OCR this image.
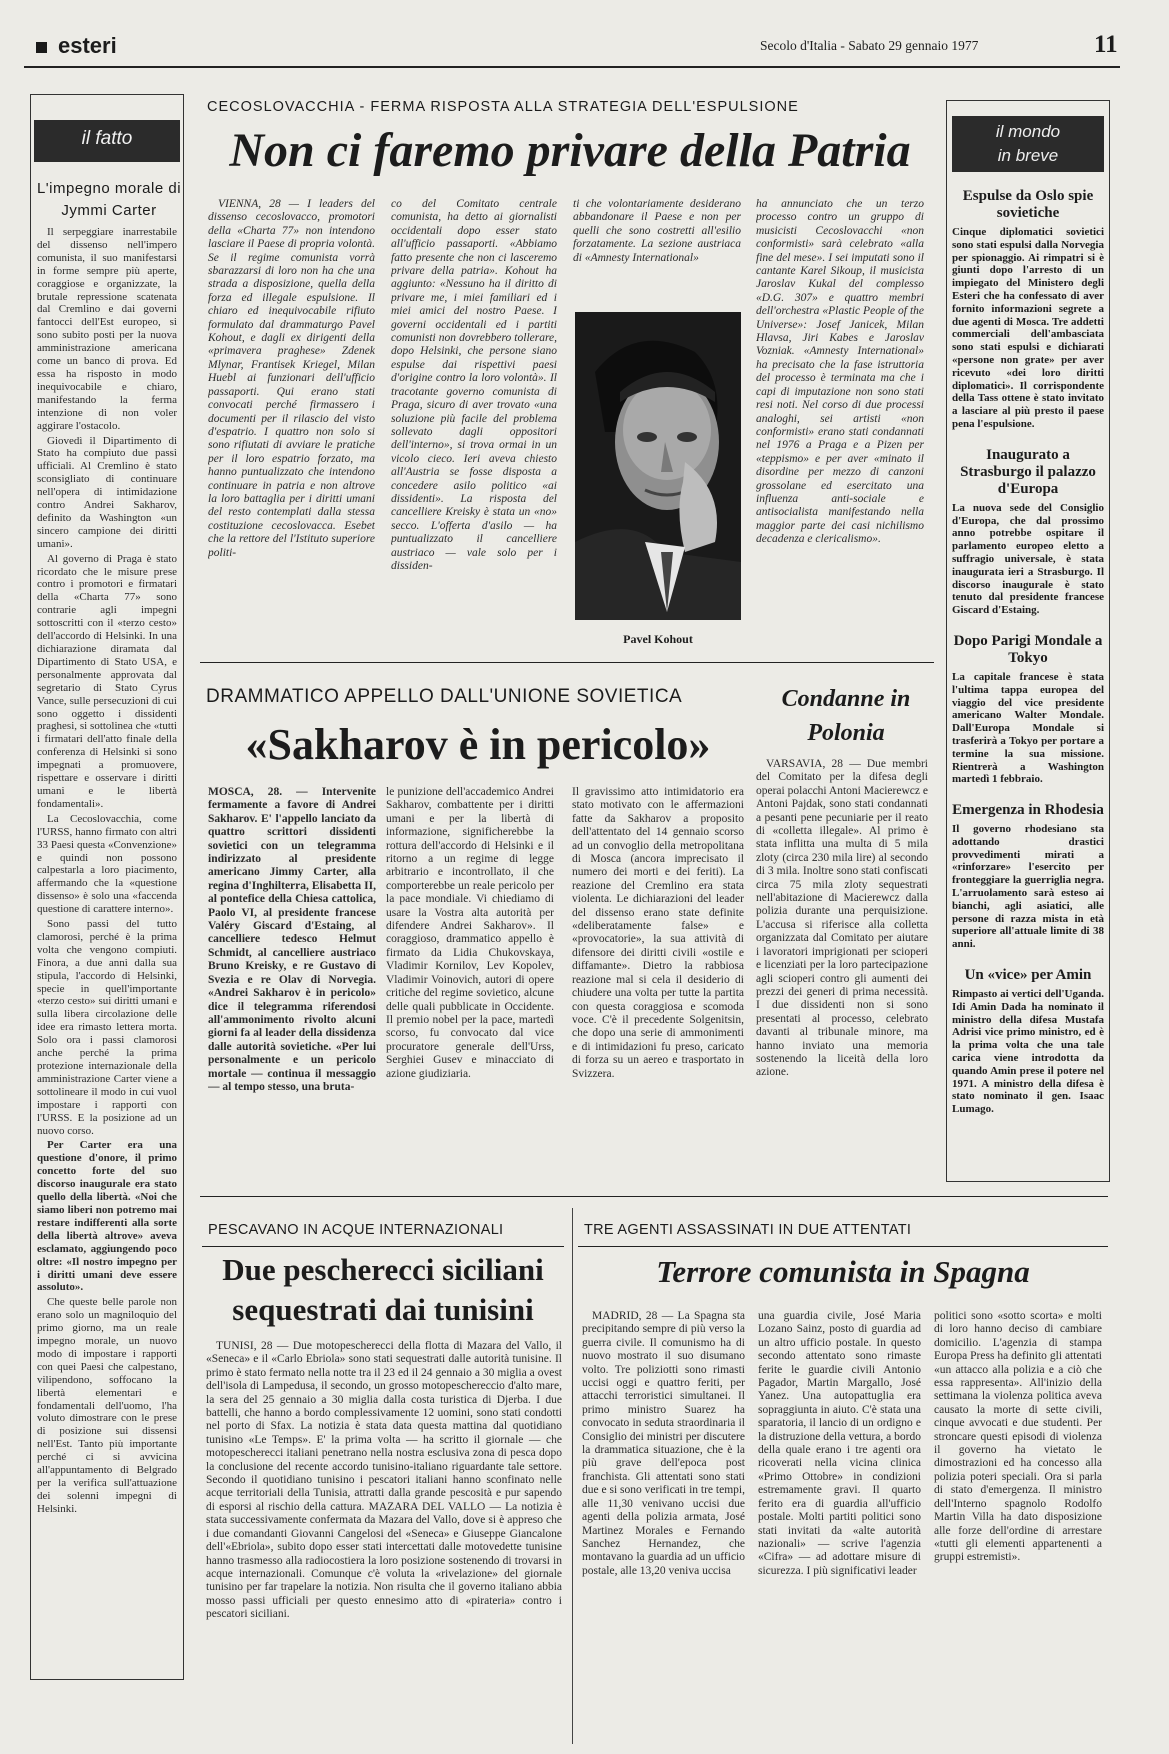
esteri	Secolo d'Italia - Sabato 29 gennaio 1977	11
il fatto
L'impegno morale di Jymmi Carter

Il serpeggiare inarrestabile del dissenso nell'impero comunista, il suo manifestarsi in forme sempre più aperte, coraggiose e organizzate, la brutale repressione scatenata dal Cremlino e dai governi fantocci dell'Est europeo, si sono subito posti per la nuova amministrazione americana come un banco di prova. Ed essa ha risposto in modo inequivocabile e chiaro, manifestando la ferma intenzione di non voler aggirare l'ostacolo.

Giovedì il Dipartimento di Stato ha compiuto due passi ufficiali. Al Cremlino è stato sconsigliato di continuare nell'opera di intimidazione contro Andrei Sakharov, definito da Washington «un sincero campione dei diritti umani».

Al governo di Praga è stato ricordato che le misure prese contro i promotori e firmatari della «Charta 77» sono contrarie agli impegni sottoscritti con il «terzo cesto» dell'accordo di Helsinki. In una dichiarazione diramata dal Dipartimento di Stato USA, e personalmente approvata dal segretario di Stato Cyrus Vance, sulle persecuzioni di cui sono oggetto i dissidenti praghesi, si sottolinea che «tutti i firmatari dell'atto finale della conferenza di Helsinki si sono impegnati a promuovere, rispettare e osservare i diritti umani e le libertà fondamentali».

La Cecoslovacchia, come l'URSS, hanno firmato con altri 33 Paesi questa «Convenzione» e quindi non possono calpestarla a loro piacimento, affermando che la «questione dissenso» è solo una «faccenda questione di carattere interno».

Sono passi del tutto clamorosi, perché è la prima volta che vengono compiuti. Finora, a due anni dalla sua stipula, l'accordo di Helsinki, specie in quell'importante «terzo cesto» sui diritti umani e sulla libera circolazione delle idee era rimasto lettera morta. Solo ora i passi clamorosi anche perché la prima protezione internazionale della amministrazione Carter viene a sottolineare il modo in cui vuol impostare i rapporti con l'URSS. E la posizione ad un nuovo corso.

Per Carter era una questione d'onore, il primo concetto forte del suo discorso inaugurale era stato quello della libertà. «Noi che siamo liberi non potremo mai restare indifferenti alla sorte della libertà altrove» aveva esclamato, aggiungendo poco oltre: «Il nostro impegno per i diritti umani deve essere assoluto».

Che queste belle parole non erano solo un magniloquio del primo giorno, ma un reale impegno morale, un nuovo modo di impostare i rapporti con quei Paesi che calpestano, vilipendono, soffocano la libertà elementari e fondamentali dell'uomo, l'ha voluto dimostrare con le prese di posizione sui dissensi nell'Est. Tanto più importante perché ci si avvicina all'appuntamento di Belgrado per la verifica sull'attuazione dei solenni impegni di Helsinki.

CECOSLOVACCHIA - FERMA RISPOSTA ALLA STRATEGIA DELL'ESPULSIONE
Non ci faremo privare della Patria
VIENNA, 28 — I leaders del dissenso cecoslovacco, promotori della «Charta 77» non intendono lasciare il Paese di propria volontà. Se il regime comunista vorrà sbarazzarsi di loro non ha che una strada a disposizione, quella della forza ed illegale espulsione. Il chiaro ed inequivocabile rifiuto formulato dal drammaturgo Pavel Kohout, e dagli ex dirigenti della «primavera praghese» Zdenek Mlynar, Frantisek Kriegel, Milan Huebl ai funzionari dell'ufficio passaporti. Qui erano stati convocati perché firmassero i documenti per il rilascio del visto d'espatrio. I quattro non solo si sono rifiutati di avviare le pratiche per il loro espatrio forzato, ma hanno puntualizzato che intendono continuare in patria e non altrove la loro battaglia per i diritti umani del resto contemplati dalla stessa costituzione cecoslovacca. Esebet che la rettore del l'Istituto superiore politi-
co del Comitato centrale comunista, ha detto ai giornalisti occidentali dopo esser stato all'ufficio passaporti. «Abbiamo fatto presente che non ci lasceremo privare della patria». Kohout ha aggiunto: «Nessuno ha il diritto di privare me, i miei familiari ed i miei amici del nostro Paese. I governi occidentali ed i partiti comunisti non dovrebbero tollerare, dopo Helsinki, che persone siano espulse dai rispettivi paesi d'origine contro la loro volontà». Il tracotante governo comunista di Praga, sicuro di aver trovato «una soluzione più facile del problema sollevato dagli oppositori dell'interno», si trova ormai in un vicolo cieco. Ieri aveva chiesto all'Austria se fosse disposta a concedere asilo politico «ai dissidenti». La risposta del cancelliere Kreisky è stata un «no» secco. L'offerta d'asilo — ha puntualizzato il cancelliere austriaco — vale solo per i dissiden-
ti che volontariamente desiderano abbandonare il Paese e non per quelli che sono costretti all'esilio forzatamente. La sezione austriaca di «Amnesty International»
ha annunciato che un terzo processo contro un gruppo di musicisti Cecoslovacchi «non conformisti» sarà celebrato «alla fine del mese». I sei imputati sono il cantante Karel Sikoup, il musicista Jaroslav Kukal del complesso «D.G. 307» e quattro membri dell'orchestra «Plastic People of the Universe»: Josef Janicek, Milan Hlavsa, Jiri Kabes e Jaroslav Vozniak. «Amnesty International» ha precisato che la fase istruttoria del processo è terminata ma che i capi di imputazione non sono stati resi noti. Nel corso di due processi analoghi, sei artisti «non conformisti» erano stati condannati nel 1976 a Praga e a Pizen per «teppismo» e per aver «minato il disordine per mezzo di canzoni grossolane ed esercitato una influenza anti-sociale e antisocialista manifestando nella maggior parte dei casi nichilismo decadenza e clericalismo».
Pavel Kohout
il mondo
in breve
Espulse da Oslo spie sovietiche

Cinque diplomatici sovietici sono stati espulsi dalla Norvegia per spionaggio. Ai rimpatri si è giunti dopo l'arresto di un impiegato del Ministero degli Esteri che ha confessato di aver fornito informazioni segrete a due agenti di Mosca. Tre addetti commerciali dell'ambasciata sono stati espulsi e dichiarati «persone non grate» per aver ricevuto «dei loro diritti diplomatici». Il corrispondente della Tass ottene è stato invitato a lasciare al più presto il paese pena l'espulsione.

Inaugurato a Strasburgo il palazzo d'Europa

La nuova sede del Consiglio d'Europa, che dal prossimo anno potrebbe ospitare il parlamento europeo eletto a suffragio universale, è stata inaugurata ieri a Strasburgo. Il discorso inaugurale è stato tenuto dal presidente francese Giscard d'Estaing.

Dopo Parigi Mondale a Tokyo

La capitale francese è stata l'ultima tappa europea del viaggio del vice presidente americano Walter Mondale. Dall'Europa Mondale si trasferirà a Tokyo per portare a termine la sua missione. Rientrerà a Washington martedì 1 febbraio.

Emergenza in Rhodesia

Il governo rhodesiano sta adottando drastici provvedimenti mirati a «rinforzare» l'esercito per fronteggiare la guerriglia negra. L'arruolamento sarà esteso ai bianchi, agli asiatici, alle persone di razza mista in età superiore all'attuale limite di 38 anni.

Un «vice» per Amin

Rimpasto ai vertici dell'Uganda. Idi Amin Dada ha nominato il ministro della difesa Mustafa Adrisi vice primo ministro, ed è la prima volta che una tale carica viene introdotta da quando Amin prese il potere nel 1971. A ministro della difesa è stato nominato il gen. Isaac Lumago.

DRAMMATICO APPELLO DALL'UNIONE SOVIETICA
«Sakharov è in pericolo»
MOSCA, 28. — Intervenite fermamente a favore di Andrei Sakharov. E' l'appello lanciato da quattro scrittori dissidenti sovietici con un telegramma indirizzato al presidente americano Jimmy Carter, alla regina d'Inghilterra, Elisabetta II, al pontefice della Chiesa cattolica, Paolo VI, al presidente francese Valéry Giscard d'Estaing, al cancelliere tedesco Helmut Schmidt, al cancelliere austriaco Bruno Kreisky, e re Gustavo di Svezia e re Olav di Norvegia. «Andrei Sakharov è in pericolo» dice il telegramma riferendosi all'ammonimento rivolto alcuni giorni fa al leader della dissidenza dalle autorità sovietiche. «Per lui personalmente e un pericolo mortale — continua il messaggio — al tempo stesso, una bruta-
le punizione dell'accademico Andrei Sakharov, combattente per i diritti umani e per la libertà di informazione, significherebbe la rottura dell'accordo di Helsinki e il ritorno a un regime di legge arbitrario e incontrollato, il che comporterebbe un reale pericolo per la pace mondiale. Vi chiediamo di usare la Vostra alta autorità per difendere Andrei Sakharov». Il coraggioso, drammatico appello è firmato da Lidia Chukovskaya, Vladimir Kornilov, Lev Kopolev, Vladimir Voinovich, autori di opere critiche del regime sovietico, alcune delle quali pubblicate in Occidente. Il premio nobel per la pace, martedì scorso, fu convocato dal vice procuratore generale dell'Urss, Serghiei Gusev e minacciato di azione giudiziaria.
Il gravissimo atto intimidatorio era stato motivato con le affermazioni fatte da Sakharov a proposito dell'attentato del 14 gennaio scorso ad un convoglio della metropolitana di Mosca (ancora imprecisato il numero dei morti e dei feriti). La reazione del Cremlino era stata violenta. Le dichiarazioni del leader del dissenso erano state definite «deliberatamente false» e «provocatorie», la sua attività di difensore dei diritti civili «ostile e diffamante». Dietro la rabbiosa reazione mal si cela il desiderio di chiudere una volta per tutte la partita con questa coraggiosa e scomoda voce. C'è il precedente Solgenitsin, che dopo una serie di ammonimenti e di intimidazioni fu preso, caricato di forza su un aereo e trasportato in Svizzera.
Condanne in Polonia
VARSAVIA, 28 — Due membri del Comitato per la difesa degli operai polacchi Antoni Macierewcz e Antoni Pajdak, sono stati condannati a pesanti pene pecuniarie per il reato di «colletta illegale». Al primo è stata inflitta una multa di 5 mila zloty (circa 230 mila lire) al secondo di 3 mila. Inoltre sono stati confiscati circa 75 mila zloty sequestrati nell'abitazione di Macierewcz dalla polizia durante una perquisizione. L'accusa si riferisce alla colletta organizzata dal Comitato per aiutare i lavoratori imprigionati per scioperi e licenziati per la loro partecipazione agli scioperi contro gli aumenti dei prezzi dei generi di prima necessità. I due dissidenti non si sono presentati al processo, celebrato davanti al tribunale minore, ma hanno inviato una memoria sostenendo la liceità della loro azione.
PESCAVANO IN ACQUE INTERNAZIONALI
Due pescherecci siciliani
sequestrati dai tunisini
TUNISI, 28 — Due motopescherecci della flotta di Mazara del Vallo, il «Seneca» e il «Carlo Ebriola» sono stati sequestrati dalle autorità tunisine. Il primo è stato fermato nella notte tra il 23 ed il 24 gennaio a 30 miglia a ovest dell'isola di Lampedusa, il secondo, un grosso motopeschereccio d'alto mare, la sera del 25 gennaio a 30 miglia dalla costa turistica di Djerba. I due battelli, che hanno a bordo complessivamente 12 uomini, sono stati condotti nel porto di Sfax. La notizia è stata data questa mattina dal quotidiano tunisino «Le Temps». E' la prima volta — ha scritto il giornale — che motopescherecci italiani penetrano nella nostra esclusiva zona di pesca dopo la conclusione del recente accordo tunisino-italiano riguardante tale settore. Secondo il quotidiano tunisino i pescatori italiani hanno sconfinato nelle acque territoriali della Tunisia, attratti dalla grande pescosità e pur sapendo di esporsi al rischio della cattura. MAZARA DEL VALLO — La notizia è stata successivamente confermata da Mazara del Vallo, dove si è appreso che i due comandanti Giovanni Cangelosi del «Seneca» e Giuseppe Giancalone dell'«Ebriola», subito dopo esser stati intercettati dalle motovedette tunisine hanno trasmesso alla radiocostiera la loro posizione sostenendo di trovarsi in acque internazionali. Comunque c'è voluta la «rivelazione» del giornale tunisino per far trapelare la notizia. Non risulta che il governo italiano abbia mosso passi ufficiali per questo ennesimo atto di «pirateria» contro i pescatori siciliani.
TRE AGENTI ASSASSINATI IN DUE ATTENTATI
Terrore comunista in Spagna
MADRID, 28 — La Spagna sta precipitando sempre di più verso la guerra civile. Il comunismo ha di nuovo mostrato il suo disumano volto. Tre poliziotti sono rimasti uccisi oggi e quattro feriti, per attacchi terroristici simultanei. Il primo ministro Suarez ha convocato in seduta straordinaria il Consiglio dei ministri per discutere la drammatica situazione, che è la più grave dell'epoca post franchista. Gli attentati sono stati due e si sono verificati in tre tempi, alle 11,30 venivano uccisi due agenti della polizia armata, José Martinez Morales e Fernando Sanchez Hernandez, che montavano la guardia ad un ufficio postale, alle 13,20 veniva uccisa
una guardia civile, José Maria Lozano Sainz, posto di guardia ad un altro ufficio postale. In questo secondo attentato sono rimaste ferite le guardie civili Antonio Pagador, Martin Margallo, José Yanez. Una autopattuglia era sopraggiunta in aiuto. C'è stata una sparatoria, il lancio di un ordigno e la distruzione della vettura, a bordo della quale erano i tre agenti ora ricoverati nella vicina clinica «Primo Ottobre» in condizioni estremamente gravi. Il quarto ferito era di guardia all'ufficio postale. Molti partiti politici sono stati invitati da «alte autorità nazionali» — scrive l'agenzia «Cifra» — ad adottare misure di sicurezza. I più significativi leader
politici sono «sotto scorta» e molti di loro hanno deciso di cambiare domicilio. L'agenzia di stampa Europa Press ha definito gli attentati «un attacco alla polizia e a ciò che essa rappresenta». All'inizio della settimana la violenza politica aveva causato la morte di sette civili, cinque avvocati e due studenti. Per stroncare questi episodi di violenza il governo ha vietato le dimostrazioni ed ha concesso alla polizia poteri speciali. Ora si parla di stato d'emergenza. Il ministro dell'Interno spagnolo Rodolfo Martin Villa ha dato disposizione alle forze dell'ordine di arrestare «tutti gli elementi appartenenti a gruppi estremisti».
